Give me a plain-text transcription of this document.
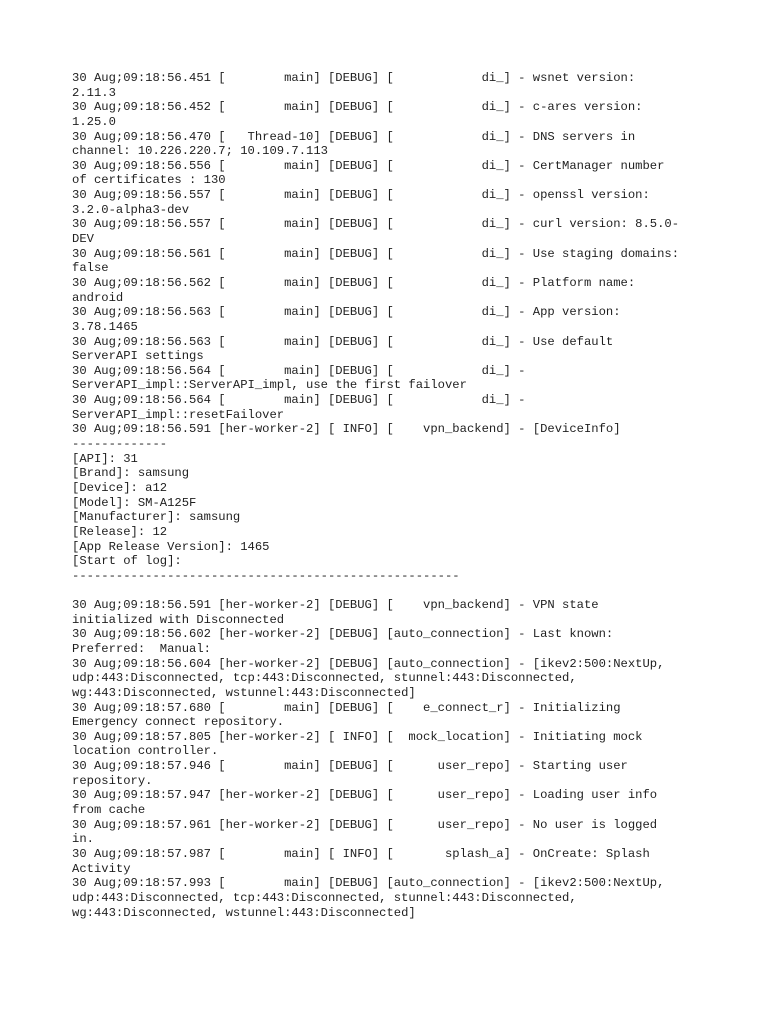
30 Aug;09:18:56.451 [        main] [DEBUG] [            di_] - wsnet version:
2.11.3
30 Aug;09:18:56.452 [        main] [DEBUG] [            di_] - c-ares version:
1.25.0
30 Aug;09:18:56.470 [   Thread-10] [DEBUG] [            di_] - DNS servers in
channel: 10.226.220.7; 10.109.7.113
30 Aug;09:18:56.556 [        main] [DEBUG] [            di_] - CertManager number
of certificates : 130
30 Aug;09:18:56.557 [        main] [DEBUG] [            di_] - openssl version:
3.2.0-alpha3-dev
30 Aug;09:18:56.557 [        main] [DEBUG] [            di_] - curl version: 8.5.0-
DEV
30 Aug;09:18:56.561 [        main] [DEBUG] [            di_] - Use staging domains:
false
30 Aug;09:18:56.562 [        main] [DEBUG] [            di_] - Platform name:
android
30 Aug;09:18:56.563 [        main] [DEBUG] [            di_] - App version:
3.78.1465
30 Aug;09:18:56.563 [        main] [DEBUG] [            di_] - Use default
ServerAPI settings
30 Aug;09:18:56.564 [        main] [DEBUG] [            di_] -
ServerAPI_impl::ServerAPI_impl, use the first failover
30 Aug;09:18:56.564 [        main] [DEBUG] [            di_] -
ServerAPI_impl::resetFailover
30 Aug;09:18:56.591 [her-worker-2] [ INFO] [    vpn_backend] - [DeviceInfo]
-------------
[API]: 31
[Brand]: samsung
[Device]: a12
[Model]: SM-A125F
[Manufacturer]: samsung
[Release]: 12
[App Release Version]: 1465
[Start of log]:
-----------------------------------------------------
30 Aug;09:18:56.591 [her-worker-2] [DEBUG] [    vpn_backend] - VPN state
initialized with Disconnected
30 Aug;09:18:56.602 [her-worker-2] [DEBUG] [auto_connection] - Last known:
Preferred:  Manual:
30 Aug;09:18:56.604 [her-worker-2] [DEBUG] [auto_connection] - [ikev2:500:NextUp,
udp:443:Disconnected, tcp:443:Disconnected, stunnel:443:Disconnected,
wg:443:Disconnected, wstunnel:443:Disconnected]
30 Aug;09:18:57.680 [        main] [DEBUG] [    e_connect_r] - Initializing
Emergency connect repository.
30 Aug;09:18:57.805 [her-worker-2] [ INFO] [  mock_location] - Initiating mock
location controller.
30 Aug;09:18:57.946 [        main] [DEBUG] [      user_repo] - Starting user
repository.
30 Aug;09:18:57.947 [her-worker-2] [DEBUG] [      user_repo] - Loading user info
from cache
30 Aug;09:18:57.961 [her-worker-2] [DEBUG] [      user_repo] - No user is logged
in.
30 Aug;09:18:57.987 [        main] [ INFO] [       splash_a] - OnCreate: Splash
Activity
30 Aug;09:18:57.993 [        main] [DEBUG] [auto_connection] - [ikev2:500:NextUp,
udp:443:Disconnected, tcp:443:Disconnected, stunnel:443:Disconnected,
wg:443:Disconnected, wstunnel:443:Disconnected]
